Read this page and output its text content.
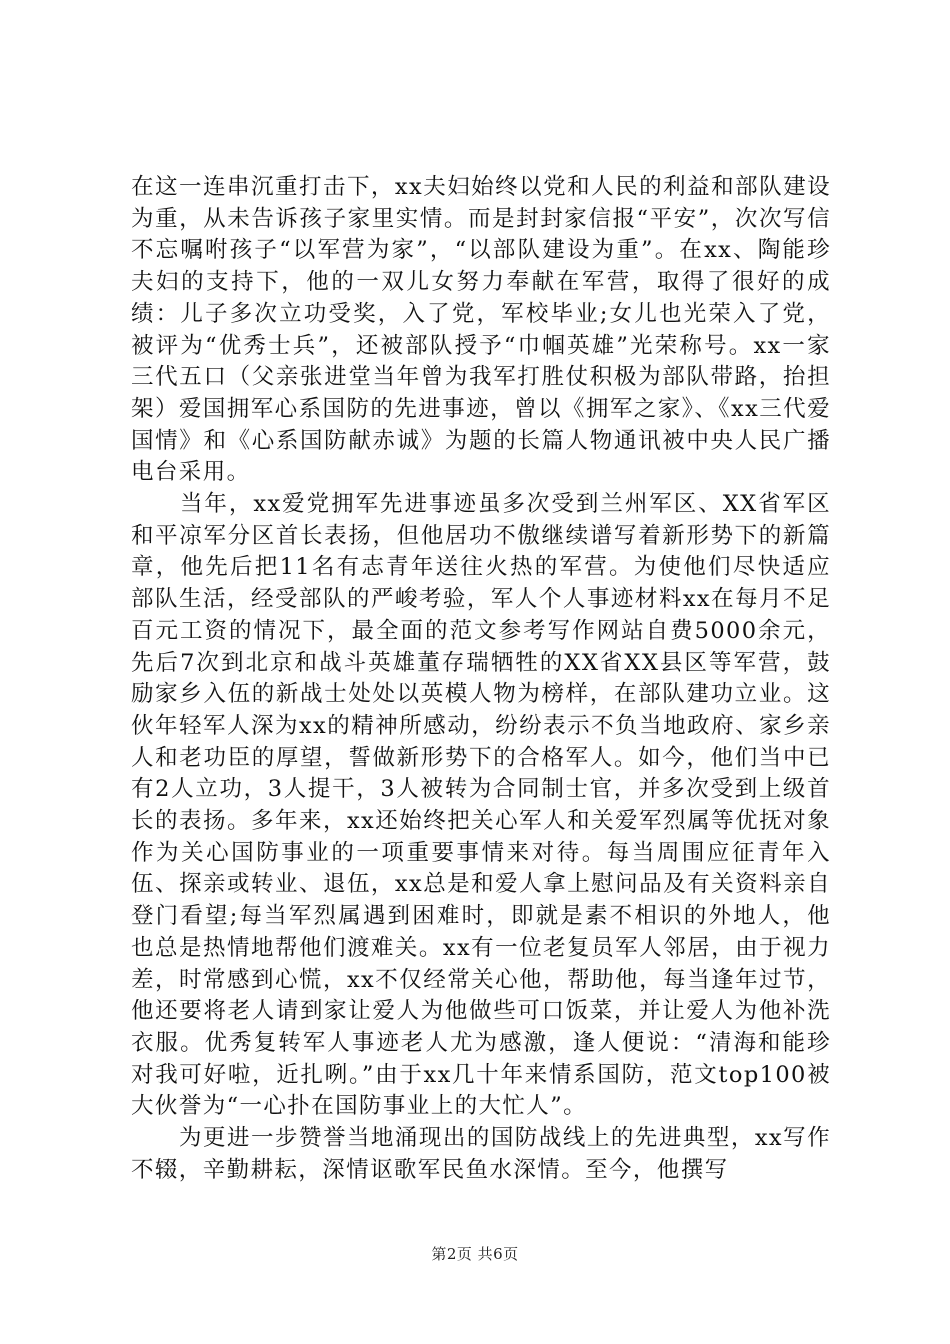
在这一连串沉重打击下，xx夫妇始终以党和人民的利益和部队建设为重，从未告诉孩子家里实情。而是封封家信报“平安”，次次写信不忘嘱咐孩子“以军营为家”，“以部队建设为重”。在xx、陶能珍夫妇的支持下，他的一双儿女努力奉献在军营，取得了很好的成绩：儿子多次立功受奖，入了党，军校毕业;女儿也光荣入了党，被评为“优秀士兵”，还被部队授予“巾帼英雄”光荣称号。xx一家三代五口（父亲张进堂当年曾为我军打胜仗积极为部队带路，抬担架）爱国拥军心系国防的先进事迹，曾以《拥军之家》、《xx三代爱国情》和《心系国防献赤诚》为题的长篇人物通讯被中央人民广播电台采用。

　　当年，xx爱党拥军先进事迹虽多次受到兰州军区、XX省军区和平凉军分区首长表扬，但他居功不傲继续谱写着新形势下的新篇章，他先后把11名有志青年送往火热的军营。为使他们尽快适应部队生活，经受部队的严峻考验，军人个人事迹材料xx在每月不足百元工资的情况下，最全面的范文参考写作网站自费5000余元，先后7次到北京和战斗英雄董存瑞牺牲的XX省XX县区等军营，鼓励家乡入伍的新战士处处以英模人物为榜样，在部队建功立业。这伙年轻军人深为xx的精神所感动，纷纷表示不负当地政府、家乡亲人和老功臣的厚望，誓做新形势下的合格军人。如今，他们当中已有2人立功，3人提干，3人被转为合同制士官，并多次受到上级首长的表扬。多年来，xx还始终把关心军人和关爱军烈属等优抚对象作为关心国防事业的一项重要事情来对待。每当周围应征青年入伍、探亲或转业、退伍，xx总是和爱人拿上慰问品及有关资料亲自登门看望;每当军烈属遇到困难时，即就是素不相识的外地人，他也总是热情地帮他们渡难关。xx有一位老复员军人邻居，由于视力差，时常感到心慌，xx不仅经常关心他，帮助他，每当逢年过节，他还要将老人请到家让爱人为他做些可口饭菜，并让爱人为他补洗衣服。优秀复转军人事迹老人尤为感激，逢人便说：“清海和能珍对我可好啦，近扎咧。”由于xx几十年来情系国防，范文top100被大伙誉为“一心扑在国防事业上的大忙人”。

　　为更进一步赞誉当地涌现出的国防战线上的先进典型，xx写作不辍，辛勤耕耘，深情讴歌军民鱼水深情。至今，他撰写

第2页 共6页
